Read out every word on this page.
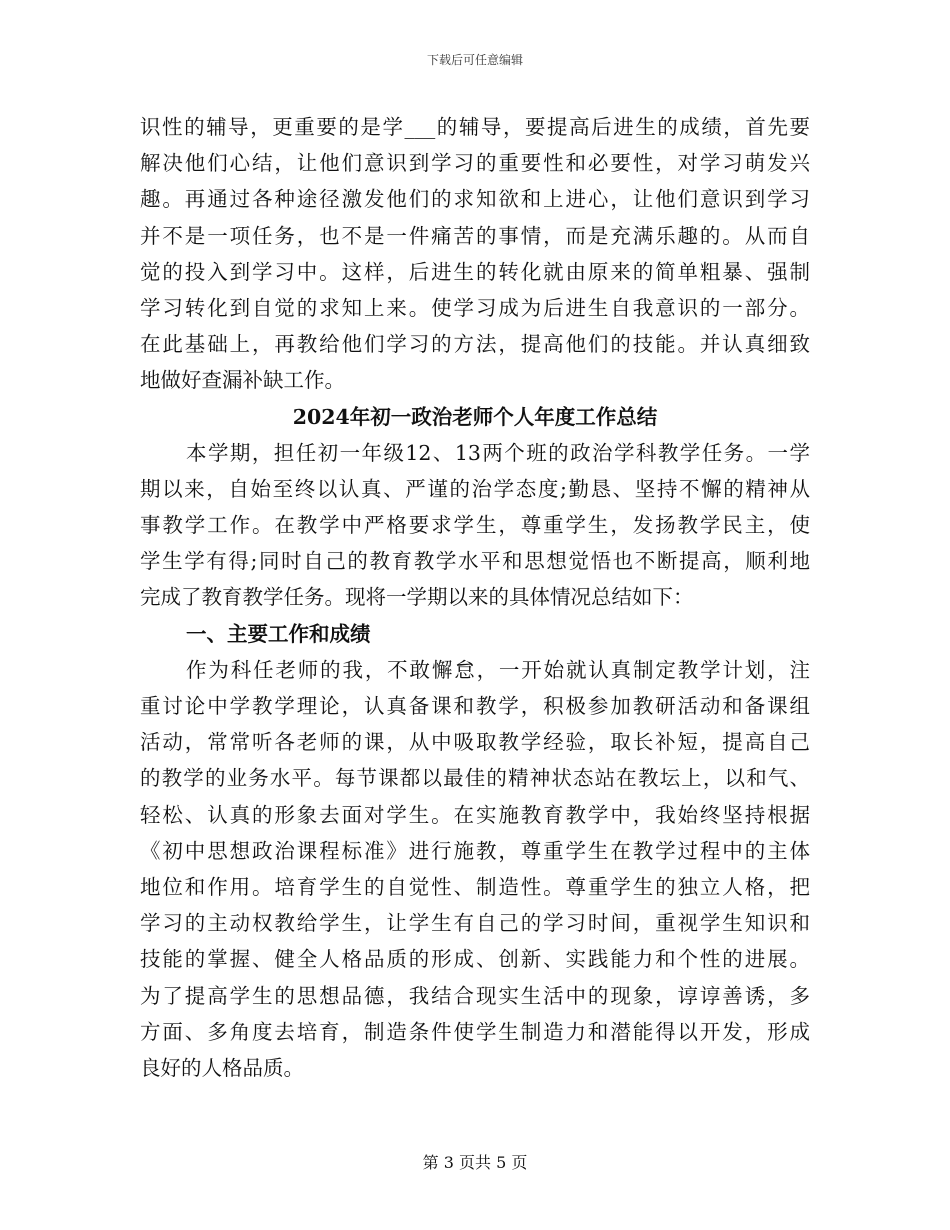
下载后可任意编辑
识性的辅导，更重要的是学___的辅导，要提高后进生的成绩，首先要
解决他们心结，让他们意识到学习的重要性和必要性，对学习萌发兴
趣。再通过各种途径激发他们的求知欲和上进心，让他们意识到学习
并不是一项任务，也不是一件痛苦的事情，而是充满乐趣的。从而自
觉的投入到学习中。这样，后进生的转化就由原来的简单粗暴、强制
学习转化到自觉的求知上来。使学习成为后进生自我意识的一部分。
在此基础上，再教给他们学习的方法，提高他们的技能。并认真细致
地做好查漏补缺工作。
2024年初一政治老师个人年度工作总结
本学期，担任初一年级12、13两个班的政治学科教学任务。一学
期以来，自始至终以认真、严谨的治学态度;勤恳、坚持不懈的精神从
事教学工作。在教学中严格要求学生，尊重学生，发扬教学民主，使
学生学有得;同时自己的教育教学水平和思想觉悟也不断提高，顺利地
完成了教育教学任务。现将一学期以来的具体情况总结如下：
一、主要工作和成绩
作为科任老师的我，不敢懈怠，一开始就认真制定教学计划，注
重讨论中学教学理论，认真备课和教学，积极参加教研活动和备课组
活动，常常听各老师的课，从中吸取教学经验，取长补短，提高自己
的教学的业务水平。每节课都以最佳的精神状态站在教坛上，以和气、
轻松、认真的形象去面对学生。在实施教育教学中，我始终坚持根据
《初中思想政治课程标准》进行施教，尊重学生在教学过程中的主体
地位和作用。培育学生的自觉性、制造性。尊重学生的独立人格，把
学习的主动权教给学生，让学生有自己的学习时间，重视学生知识和
技能的掌握、健全人格品质的形成、创新、实践能力和个性的进展。
为了提高学生的思想品德，我结合现实生活中的现象，谆谆善诱，多
方面、多角度去培育，制造条件使学生制造力和潜能得以开发，形成
良好的人格品质。
第 3 页共 5 页
